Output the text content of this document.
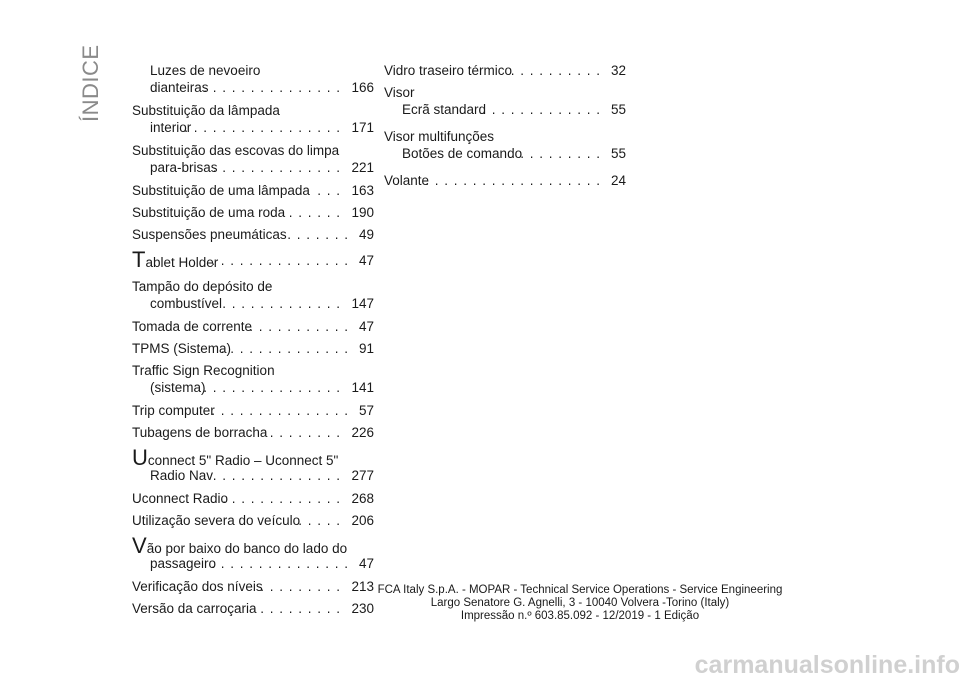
ÍNDICE	Luzes de nevoeiro
dianteiras	166
. . . . . . . . . . . . . . .
Substituição da lâmpada
interior	171
. . . . . . . . . . . . . . . . .
Substituição das escovas do limpa
para-brisas	221
. . . . . . . . . . . . . .
Substituição de uma lâmpada	163
. . .
Substituição de uma roda	190
. . . . . .
Suspensões pneumáticas	49
. . . . . . .
Tablet Holder	47
. . . . . . . . . . . . . . .
Tampão do depósito de
combustível	147
. . . . . . . . . . . . .
Tomada de corrente	47
. . . . . . . . . . .
TPMS (Sistema)	91
. . . . . . . . . . . . . .
Traffic Sign Recognition
(sistema)	141
. . . . . . . . . . . . . . .
Trip computer	57
. . . . . . . . . . . . . . .
Tubagens de borracha	226
. . . . . . . .
Uconnect 5" Radio – Uconnect 5"
Radio Nav	277
. . . . . . . . . . . . . .
Uconnect Radio	268
. . . . . . . . . . . . .
Utilização severa do veículo	206
. . . . .
Vão por baixo do banco do lado do
passageiro	47
. . . . . . . . . . . . . . .
Verificação dos níveis	213
. . . . . . . . .
Versão da carroçaria	230
. . . . . . . . .
Vidro traseiro térmico	32
. . . . . . . . . .
Visor
Ecrã standard	55
. . . . . . . . . . . . .
Visor multifunções
Botões de comando	55
. . . . . . . . .
Volante	24
. . . . . . . . . . . . . . . . . . .
FCA Italy S.p.A. - MOPAR - Technical Service Operations - Service Engineering
Largo Senatore G. Agnelli, 3 - 10040 Volvera -Torino (Italy)
Impressão n.º 603.85.092 - 12/2019 - 1 Edição
carmanualsonline.info
